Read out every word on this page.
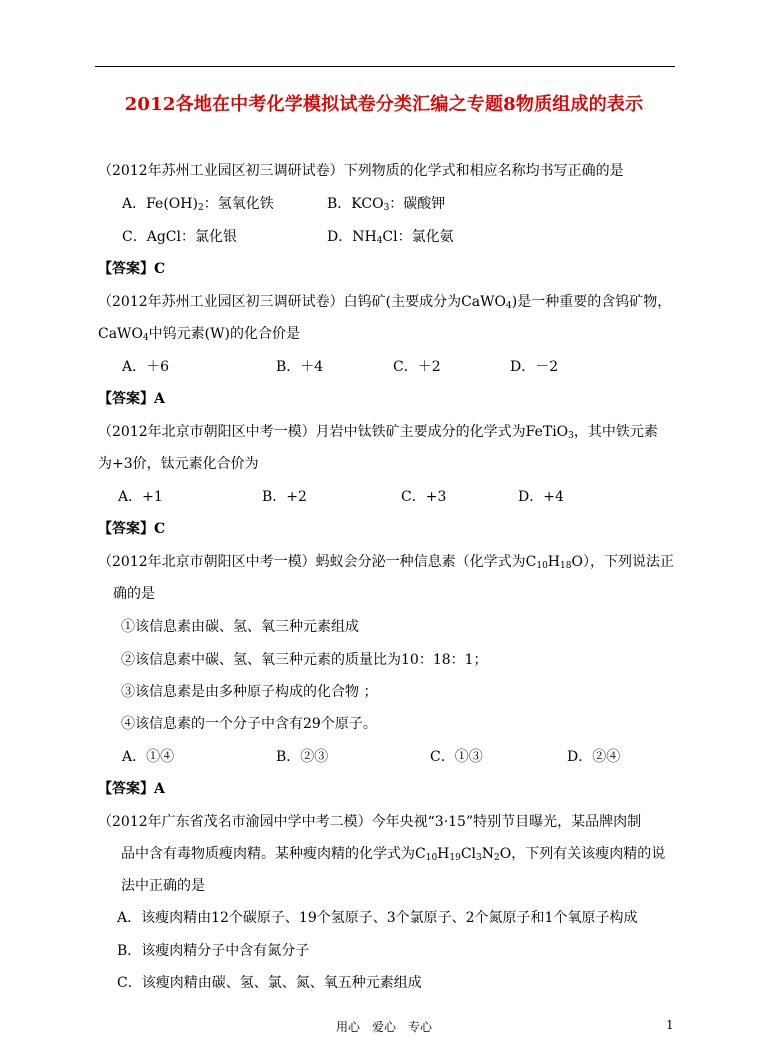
2012各地在中考化学模拟试卷分类汇编之专题8物质组成的表示
（2012年苏州工业园区初三调研试卷）下列物质的化学式和相应名称均书写正确的是
A．$Fe(OH)_2$：氢氧化铁	B．$KCO_3$：碳酸钾
C．AgCl：氯化银	D．$NH_4Cl$：氯化氨
【答案】C
（2012年苏州工业园区初三调研试卷）白钨矿(主要成分为CaWO$_4$)是一种重要的含钨矿物，
CaWO$_4$中钨元素(W)的化合价是
A．＋6	B．＋4	C．＋2	D．－2
【答案】A
（2012年北京市朝阳区中考一模）月岩中钛铁矿主要成分的化学式为FeTiO$_3$，其中铁元素
为+3价，钛元素化合价为
A．+1	B．+2	C．+3	D．+4
【答案】C
（2012年北京市朝阳区中考一模）蚂蚁会分泌一种信息素（化学式为$C_{10}H_{18}O$），下列说法正
确的是
①该信息素由碳、氢、氧三种元素组成
②该信息素中碳、氢、氧三种元素的质量比为10：18：1；
③该信息素是由多种原子构成的化合物 ；
④该信息素的一个分子中含有29个原子。
A．①④	B．②③	C．①③	D．②④
【答案】A
（2012年广东省茂名市渝园中学中考二模）今年央视“3·15”特别节目曝光，某品牌肉制
品中含有毒物质瘦肉精。某种瘦肉精的化学式为$C_{10}H_{19}Cl_3N_2O$，下列有关该瘦肉精的说
法中正确的是
A．该瘦肉精由12个碳原子、19个氢原子、3个氯原子、2个氮原子和1个氧原子构成
B．该瘦肉精分子中含有氮分子
C．该瘦肉精由碳、氢、氯、氮、氧五种元素组成
用心　爱心　专心	1
